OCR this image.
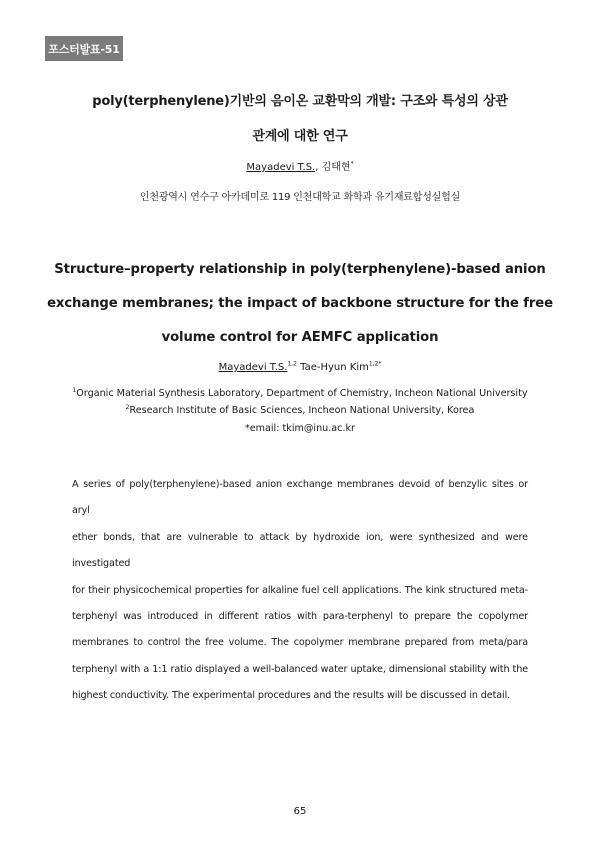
포스터발표-51
poly(terphenylene)기반의 음이온 교환막의 개발: 구조와 특성의 상관
관계에 대한 연구
Mayadevi T.S., 김태현*
인천광역시 연수구 아카데미로 119 인천대학교 화학과 유기재료합성실험실
Structure–property relationship in poly(terphenylene)-based anion
exchange membranes; the impact of backbone structure for the free
volume control for AEMFC application
Mayadevi T.S.$^{1,2}$ Tae-Hyun Kim$^{1,2*}$
$^1$Organic Material Synthesis Laboratory, Department of Chemistry, Incheon National University
$^2$Research Institute of Basic Sciences, Incheon National University, Korea
*email: tkim@inu.ac.kr
A series of poly(terphenylene)-based anion exchange membranes devoid of benzylic sites or aryl
ether bonds, that are vulnerable to attack by hydroxide ion, were synthesized and were investigated
for their physicochemical properties for alkaline fuel cell applications. The kink structured meta-
terphenyl was introduced in different ratios with para-terphenyl to prepare the copolymer
membranes to control the free volume. The copolymer membrane prepared from meta/para
terphenyl with a 1:1 ratio displayed a well-balanced water uptake, dimensional stability with the
highest conductivity. The experimental procedures and the results will be discussed in detail.
65
